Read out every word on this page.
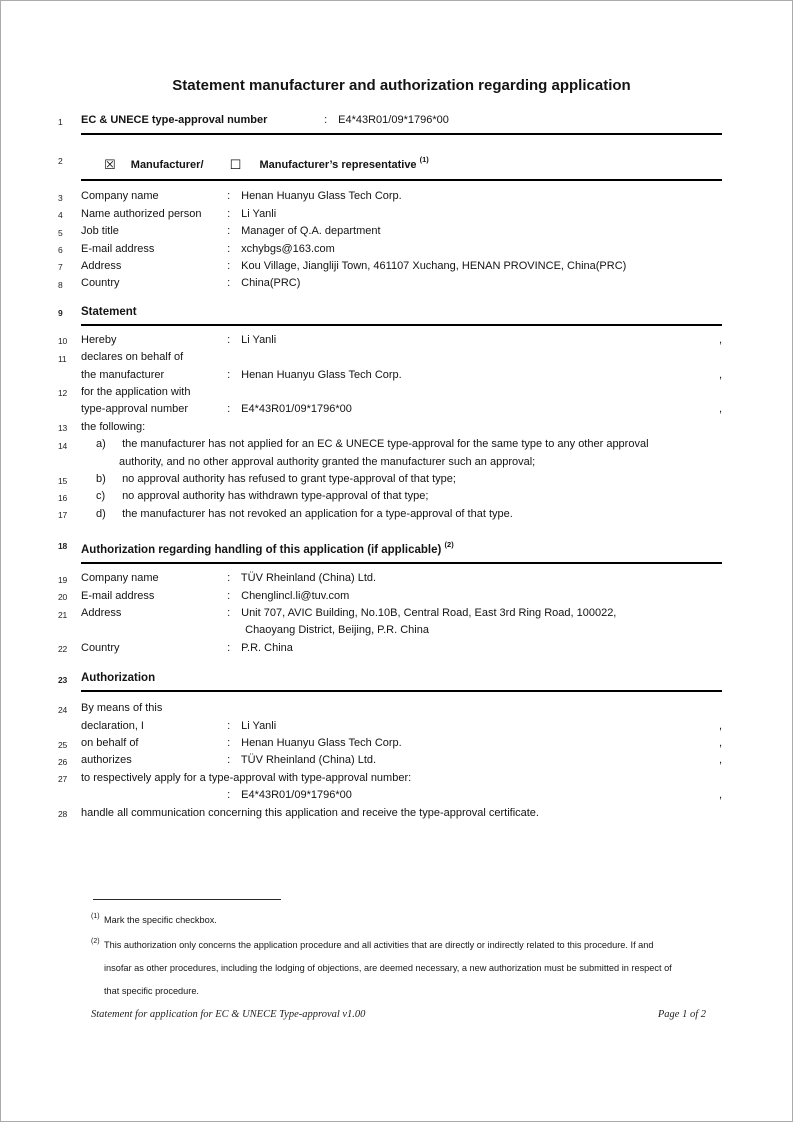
Statement manufacturer and authorization regarding application
1 EC & UNECE type-approval number	: E4*43R01/09*1796*00
2	☒ Manufacturer/ ☐ Manufacturer’s representative $^{(1)}$
3 Company name	: Henan Huanyu Glass Tech Corp.
4 Name authorized person : Li Yanli
5 Job title	: Manager of Q.A. department
6 E-mail address	: xchybgs@163.com
7 Address	: Kou Village, Jiangliji Town, 461107 Xuchang, HENAN PROVINCE, China(PRC)
8 Country	: China(PRC)
9 Statement
10 Hereby	: Li Yanli	,
11 declares on behalf of
the manufacturer	: Henan Huanyu Glass Tech Corp.	,
12 for the application with
type-approval number	: E4*43R01/09*1796*00	,
13 the following:
14	a) the manufacturer has not applied for an EC & UNECE type-approval for the same type to any other approval
authority, and no other approval authority granted the manufacturer such an approval;
15	b) no approval authority has refused to grant type-approval of that type;
16	c) no approval authority has withdrawn type-approval of that type;
17	d) the manufacturer has not revoked an application for a type-approval of that type.
18 Authorization regarding handling of this application (if applicable) $^{(2)}$
19 Company name	: TÜV Rheinland (China) Ltd.
20 E-mail address	: Chenglincl.li@tuv.com
21 Address	: Unit 707, AVIC Building, No.10B, Central Road, East 3rd Ring Road, 100022,
Chaoyang District, Beijing, P.R. China
22 Country	: P.R. China
23 Authorization
24 By means of this
declaration, I	: Li Yanli	,
25 on behalf of	: Henan Huanyu Glass Tech Corp.	,
26 authorizes	: TÜV Rheinland (China) Ltd.	,
27 to respectively apply for a type-approval with type-approval number:
: E4*43R01/09*1796*00	,
28 handle all communication concerning this application and receive the type-approval certificate.
(1) Mark the specific checkbox.
(2) This authorization only concerns the application procedure and all activities that are directly or indirectly related to this procedure. If and
insofar as other procedures, including the lodging of objections, are deemed necessary, a new authorization must be submitted in respect of
that specific procedure.
Statement for application for EC & UNECE Type-approval v1.00	Page 1 of 2
